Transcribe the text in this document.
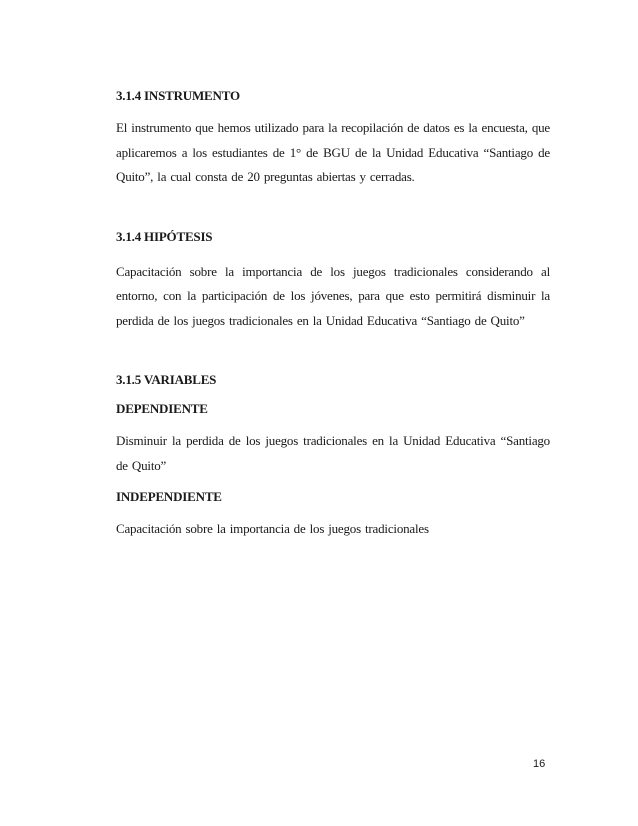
3.1.4 INSTRUMENTO

El instrumento que hemos utilizado para la recopilación de datos es la encuesta, que aplicaremos a los estudiantes de 1° de BGU de la Unidad Educativa “Santiago de Quito”, la cual consta de 20 preguntas abiertas y cerradas.

3.1.4 HIPÓTESIS

Capacitación sobre la importancia de los juegos tradicionales considerando al entorno, con la participación de los jóvenes, para que esto permitirá disminuir la perdida de los juegos tradicionales en la Unidad Educativa “Santiago de Quito”

3.1.5 VARIABLES

DEPENDIENTE

Disminuir la perdida de los juegos tradicionales en la Unidad Educativa “Santiago de Quito”

INDEPENDIENTE

Capacitación sobre la importancia de los juegos tradicionales

16
